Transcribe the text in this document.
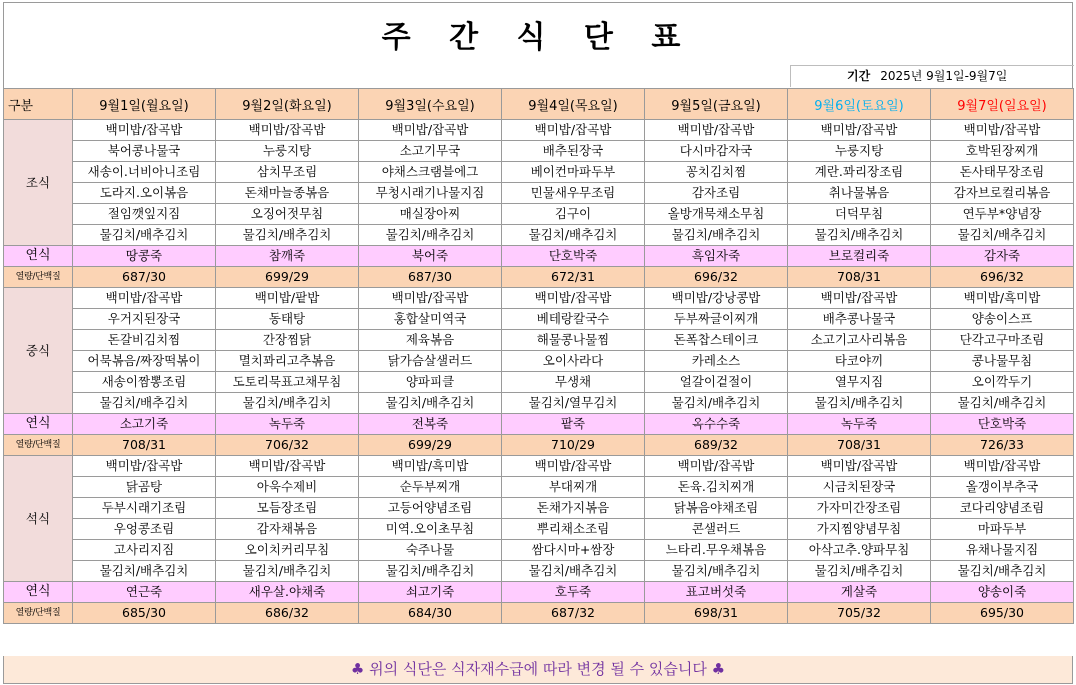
주 간 식 단 표
기간 2025년 9월1일-9월7일
구분	9월1일(월요일)	9월2일(화요일)	9월3일(수요일)	9월4일(목요일)	9월5일(금요일)	9월6일(토요일)	9월7일(일요일)
조식	백미밥/잡곡밥	백미밥/잡곡밥	백미밥/잡곡밥	백미밥/잡곡밥	백미밥/잡곡밥	백미밥/잡곡밥	백미밥/잡곡밥
	북어콩나물국	누룽지탕	소고기무국	배추된장국	다시마감자국	누룽지탕	호박된장찌개
	새송이.너비아니조림	삼치무조림	야채스크램블에그	베이컨마파두부	꽁치김치찜	계란.꽈리장조림	돈사태무장조림
	도라지.오이볶음	돈채마늘종볶음	무청시래기나물지짐	민물새우무조림	감자조림	취나물볶음	감자브로컬리볶음
	절임깻잎지짐	오징어젓무침	매실장아찌	김구이	올방개묵채소무침	더덕무침	연두부*양념장
	물김치/배추김치	물김치/배추김치	물김치/배추김치	물김치/배추김치	물김치/배추김치	물김치/배추김치	물김치/배추김치
연식	땅콩죽	참깨죽	북어죽	단호박죽	흑임자죽	브로컬리죽	감자죽
열량/단백질	687/30	699/29	687/30	672/31	696/32	708/31	696/32
중식	백미밥/잡곡밥	백미밥/팥밥	백미밥/잡곡밥	백미밥/잡곡밥	백미밥/강낭콩밥	백미밥/잡곡밥	백미밥/흑미밥
	우거지된장국	동태탕	홍합살미역국	베테랑칼국수	두부짜글이찌개	배추콩나물국	양송이스프
	돈갈비김치찜	간장찜닭	제육볶음	해물콩나물찜	돈폭찹스테이크	소고기고사리볶음	단각고구마조림
	어묵볶음/짜장떡볶이	멸치꽈리고추볶음	닭가슴살샐러드	오이사라다	카레소스	타코야끼	콩나물무침
	새송이짬뽕조림	도토리묵표고채무침	양파피클	무생채	얼갈이겉절이	열무지짐	오이깍두기
	물김치/배추김치	물김치/배추김치	물김치/배추김치	물김치/열무김치	물김치/배추김치	물김치/배추김치	물김치/배추김치
연식	소고기죽	녹두죽	전복죽	팥죽	옥수수죽	녹두죽	단호박죽
열량/단백질	708/31	706/32	699/29	710/29	689/32	708/31	726/33
석식	백미밥/잡곡밥	백미밥/잡곡밥	백미밥/흑미밥	백미밥/잡곡밥	백미밥/잡곡밥	백미밥/잡곡밥	백미밥/잡곡밥
	닭곰탕	아욱수제비	순두부찌개	부대찌개	돈육.김치찌개	시금치된장국	올갱이부추국
	두부시래기조림	모듬장조림	고등어양념조림	돈채가지볶음	닭볶음야채조림	가자미간장조림	코다리양념조림
	우엉콩조림	감자채볶음	미역.오이초무침	뿌리채소조림	콘샐러드	가지찜양념무침	마파두부
	고사리지짐	오이치커리무침	숙주나물	쌈다시마+쌈장	느타리.무우채볶음	아삭고추.양파무침	유채나물지짐
	물김치/배추김치	물김치/배추김치	물김치/배추김치	물김치/배추김치	물김치/배추김치	물김치/배추김치	물김치/배추김치
연식	연근죽	새우살.야채죽	쇠고기죽	호두죽	표고버섯죽	게살죽	양송이죽
열량/단백질	685/30	686/32	684/30	687/32	698/31	705/32	695/30
♣ 위의 식단은 식자재수급에 따라 변경 될 수 있습니다 ♣
